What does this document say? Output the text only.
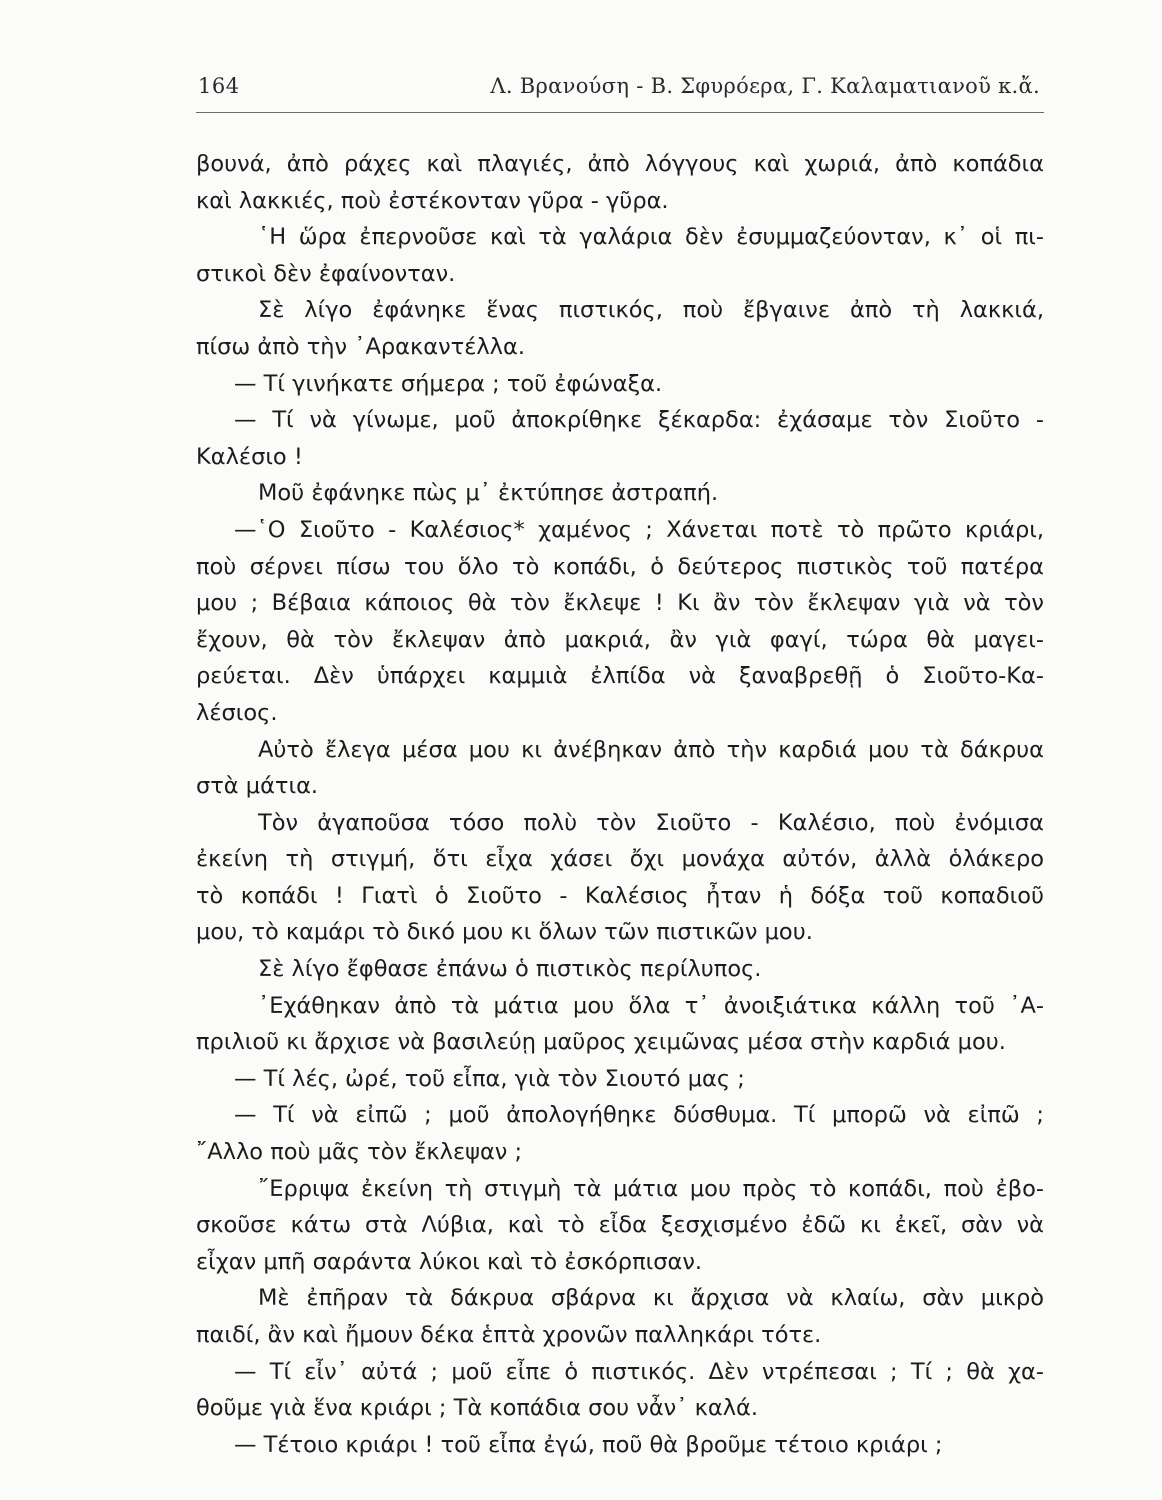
164	Λ. Βρανούση - Β. Σφυρόερα, Γ. Καλαματιανοῦ κ.ἄ.
βουνά, ἀπὸ ράχες καὶ πλαγιές, ἀπὸ λόγγους καὶ χωριά, ἀπὸ κοπάδια
καὶ λακκιές, ποὺ ἐστέκονταν γῦρα - γῦρα.
῾Η ὥρα ἐπερνοῦσε καὶ τὰ γαλάρια δὲν ἐσυμμαζεύονταν, κ᾿ οἱ πι-
στικοὶ δὲν ἐφαίνονταν.
Σὲ λίγο ἐφάνηκε ἕνας πιστικός, ποὺ ἔβγαινε ἀπὸ τὴ λακκιά,
πίσω ἀπὸ τὴν ᾿Αρακαντέλλα.
— Τί γινήκατε σήμερα ; τοῦ ἐφώναξα.
— Τί νὰ γίνωμε, μοῦ ἀποκρίθηκε ξέκαρδα: ἐχάσαμε τὸν Σιοῦτο -
Καλέσιο !
Μοῦ ἐφάνηκε πὼς μ᾿ ἐκτύπησε ἀστραπή.
—῾Ο Σιοῦτο - Καλέσιος* χαμένος ; Χάνεται ποτὲ τὸ πρῶτο κριάρι,
ποὺ σέρνει πίσω του ὅλο τὸ κοπάδι, ὁ δεύτερος πιστικὸς τοῦ πατέρα
μου ; Βέβαια κάποιος θὰ τὸν ἔκλεψε ! Κι ἂν τὸν ἔκλεψαν γιὰ νὰ τὸν
ἔχουν, θὰ τὸν ἔκλεψαν ἀπὸ μακριά, ἂν γιὰ φαγί, τώρα θὰ μαγει-
ρεύεται. Δὲν ὑπάρχει καμμιὰ ἐλπίδα νὰ ξαναβρεθῇ ὁ Σιοῦτο-Κα-
λέσιος.
Αὐτὸ ἔλεγα μέσα μου κι ἀνέβηκαν ἀπὸ τὴν καρδιά μου τὰ δάκρυα
στὰ μάτια.
Τὸν ἀγαποῦσα τόσο πολὺ τὸν Σιοῦτο - Καλέσιο, ποὺ ἐνόμισα
ἐκείνη τὴ στιγμή, ὅτι εἶχα χάσει ὄχι μονάχα αὐτόν, ἀλλὰ ὁλάκερο
τὸ κοπάδι ! Γιατὶ ὁ Σιοῦτο - Καλέσιος ἦταν ἡ δόξα τοῦ κοπαδιοῦ
μου, τὸ καμάρι τὸ δικό μου κι ὅλων τῶν πιστικῶν μου.
Σὲ λίγο ἔφθασε ἐπάνω ὁ πιστικὸς περίλυπος.
᾿Εχάθηκαν ἀπὸ τὰ μάτια μου ὅλα τ᾿ ἀνοιξιάτικα κάλλη τοῦ ᾿Α-
πριλιοῦ κι ἄρχισε νὰ βασιλεύῃ μαῦρος χειμῶνας μέσα στὴν καρδιά μου.
— Τί λές, ὠρέ, τοῦ εἶπα, γιὰ τὸν Σιουτό μας ;
— Τί νὰ εἰπῶ ; μοῦ ἀπολογήθηκε δύσθυμα. Τί μπορῶ νὰ εἰπῶ ;
῎Αλλο ποὺ μᾶς τὸν ἔκλεψαν ;
῎Ερριψα ἐκείνη τὴ στιγμὴ τὰ μάτια μου πρὸς τὸ κοπάδι, ποὺ ἐβο-
σκοῦσε κάτω στὰ Λύβια, καὶ τὸ εἶδα ξεσχισμένο ἐδῶ κι ἐκεῖ, σὰν νὰ
εἶχαν μπῆ σαράντα λύκοι καὶ τὸ ἐσκόρπισαν.
Μὲ ἐπῆραν τὰ δάκρυα σβάρνα κι ἄρχισα νὰ κλαίω, σὰν μικρὸ
παιδί, ἂν καὶ ἤμουν δέκα ἑπτὰ χρονῶν παλληκάρι τότε.
— Τί εἶν᾿ αὐτά ; μοῦ εἶπε ὁ πιστικός. Δὲν ντρέπεσαι ; Τί ; θὰ χα-
θοῦμε γιὰ ἕνα κριάρι ; Τὰ κοπάδια σου νἆν᾿ καλά.
— Τέτοιο κριάρι ! τοῦ εἶπα ἐγώ, ποῦ θὰ βροῦμε τέτοιο κριάρι ;
